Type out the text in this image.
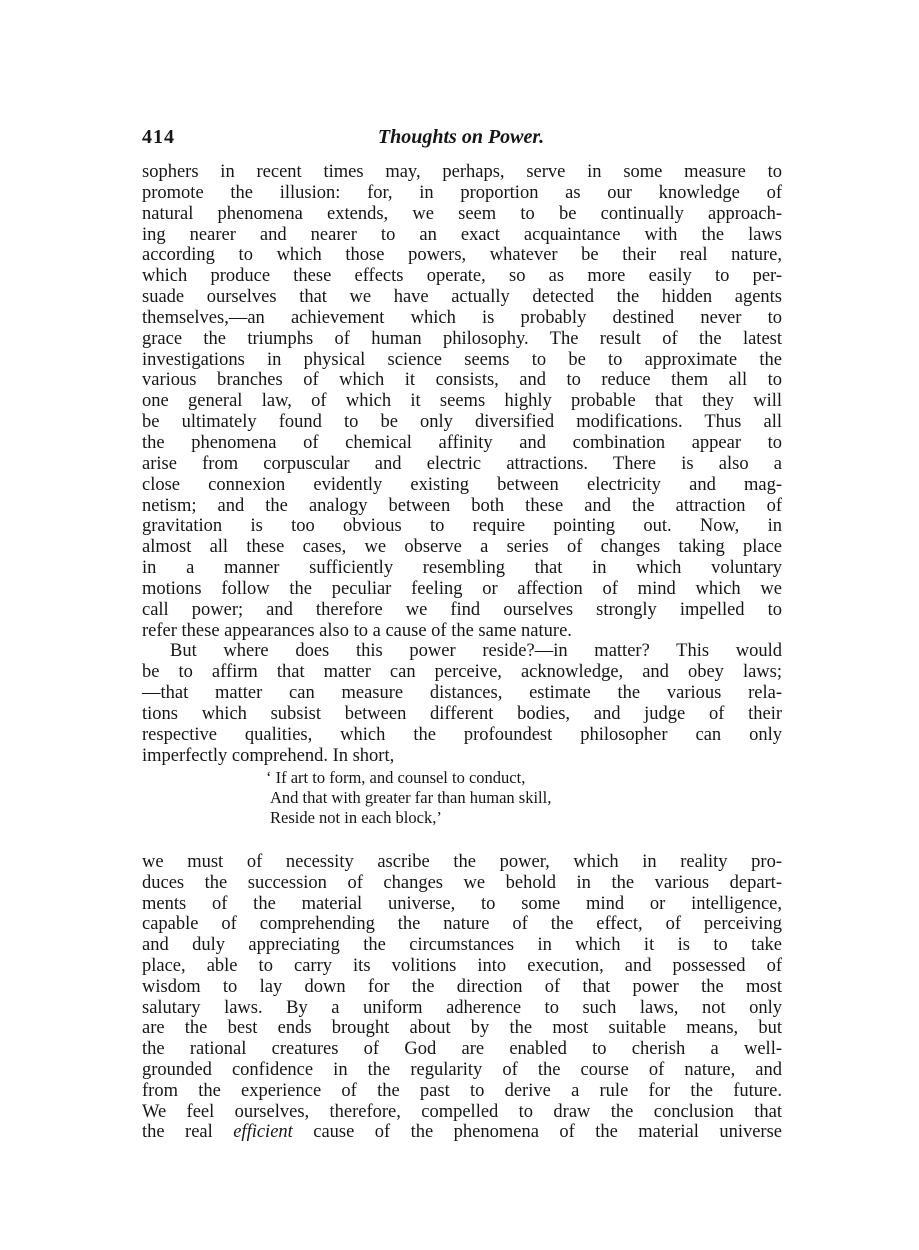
414	Thoughts on Power.
sophers in recent times may, perhaps, serve in some measure to
promote the illusion: for, in proportion as our knowledge of
natural phenomena extends, we seem to be continually approach-
ing nearer and nearer to an exact acquaintance with the laws
according to which those powers, whatever be their real nature,
which produce these effects operate, so as more easily to per-
suade ourselves that we have actually detected the hidden agents
themselves,—an achievement which is probably destined never to
grace the triumphs of human philosophy. The result of the latest
investigations in physical science seems to be to approximate the
various branches of which it consists, and to reduce them all to
one general law, of which it seems highly probable that they will
be ultimately found to be only diversified modifications. Thus all
the phenomena of chemical affinity and combination appear to
arise from corpuscular and electric attractions. There is also a
close connexion evidently existing between electricity and mag-
netism; and the analogy between both these and the attraction of
gravitation is too obvious to require pointing out. Now, in
almost all these cases, we observe a series of changes taking place
in a manner sufficiently resembling that in which voluntary
motions follow the peculiar feeling or affection of mind which we
call power; and therefore we find ourselves strongly impelled to
refer these appearances also to a cause of the same nature.
But where does this power reside?—in matter? This would
be to affirm that matter can perceive, acknowledge, and obey laws;
—that matter can measure distances, estimate the various rela-
tions which subsist between different bodies, and judge of their
respective qualities, which the profoundest philosopher can only
imperfectly comprehend. In short,
‘ If art to form, and counsel to conduct,
And that with greater far than human skill,
Reside not in each block,’
we must of necessity ascribe the power, which in reality pro-
duces the succession of changes we behold in the various depart-
ments of the material universe, to some mind or intelligence,
capable of comprehending the nature of the effect, of perceiving
and duly appreciating the circumstances in which it is to take
place, able to carry its volitions into execution, and possessed of
wisdom to lay down for the direction of that power the most
salutary laws. By a uniform adherence to such laws, not only
are the best ends brought about by the most suitable means, but
the rational creatures of God are enabled to cherish a well-
grounded confidence in the regularity of the course of nature, and
from the experience of the past to derive a rule for the future.
We feel ourselves, therefore, compelled to draw the conclusion that
the real efficient cause of the phenomena of the material universe
